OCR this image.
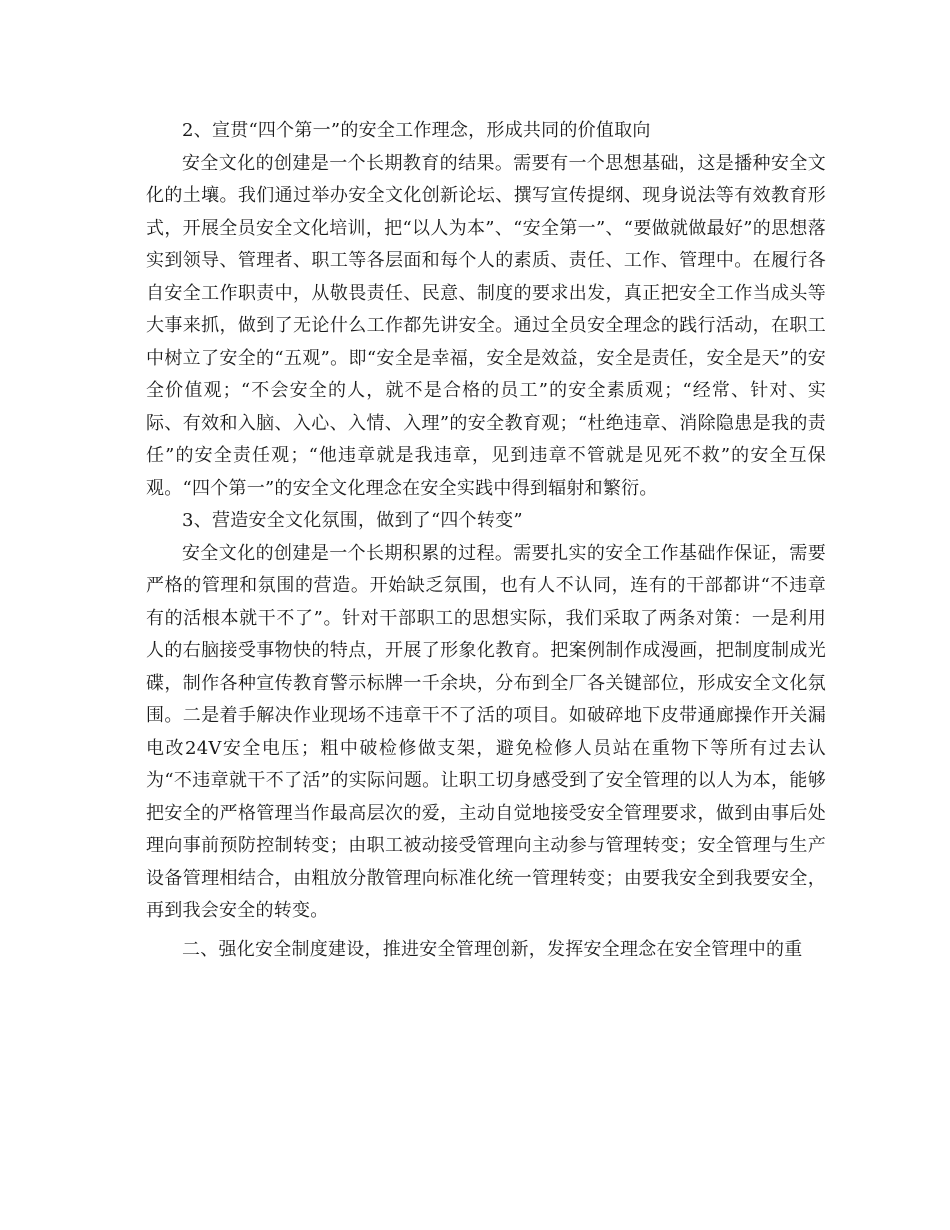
2、宣贯“四个第一”的安全工作理念，形成共同的价值取向

安全文化的创建是一个长期教育的结果。需要有一个思想基础，这是播种安全文化的土壤。我们通过举办安全文化创新论坛、撰写宣传提纲、现身说法等有效教育形式，开展全员安全文化培训，把“以人为本”、“安全第一”、“要做就做最好”的思想落实到领导、管理者、职工等各层面和每个人的素质、责任、工作、管理中。在履行各自安全工作职责中，从敬畏责任、民意、制度的要求出发，真正把安全工作当成头等大事来抓，做到了无论什么工作都先讲安全。通过全员安全理念的践行活动，在职工中树立了安全的“五观”。即“安全是幸福，安全是效益，安全是责任，安全是天”的安全价值观；“不会安全的人，就不是合格的员工”的安全素质观；“经常、针对、实际、有效和入脑、入心、入情、入理”的安全教育观；“杜绝违章、消除隐患是我的责任”的安全责任观；“他违章就是我违章，见到违章不管就是见死不救”的安全互保观。“四个第一”的安全文化理念在安全实践中得到辐射和繁衍。

3、营造安全文化氛围，做到了“四个转变”

安全文化的创建是一个长期积累的过程。需要扎实的安全工作基础作保证，需要严格的管理和氛围的营造。开始缺乏氛围，也有人不认同，连有的干部都讲“不违章有的活根本就干不了”。针对干部职工的思想实际，我们采取了两条对策：一是利用人的右脑接受事物快的特点，开展了形象化教育。把案例制作成漫画，把制度制成光碟，制作各种宣传教育警示标牌一千余块，分布到全厂各关键部位，形成安全文化氛围。二是着手解决作业现场不违章干不了活的项目。如破碎地下皮带通廊操作开关漏电改24V安全电压；粗中破检修做支架，避免检修人员站在重物下等所有过去认为“不违章就干不了活”的实际问题。让职工切身感受到了安全管理的以人为本，能够把安全的严格管理当作最高层次的爱，主动自觉地接受安全管理要求，做到由事后处理向事前预防控制转变；由职工被动接受管理向主动参与管理转变；安全管理与生产设备管理相结合，由粗放分散管理向标准化统一管理转变；由要我安全到我要安全，再到我会安全的转变。

二、强化安全制度建设，推进安全管理创新，发挥安全理念在安全管理中的重
